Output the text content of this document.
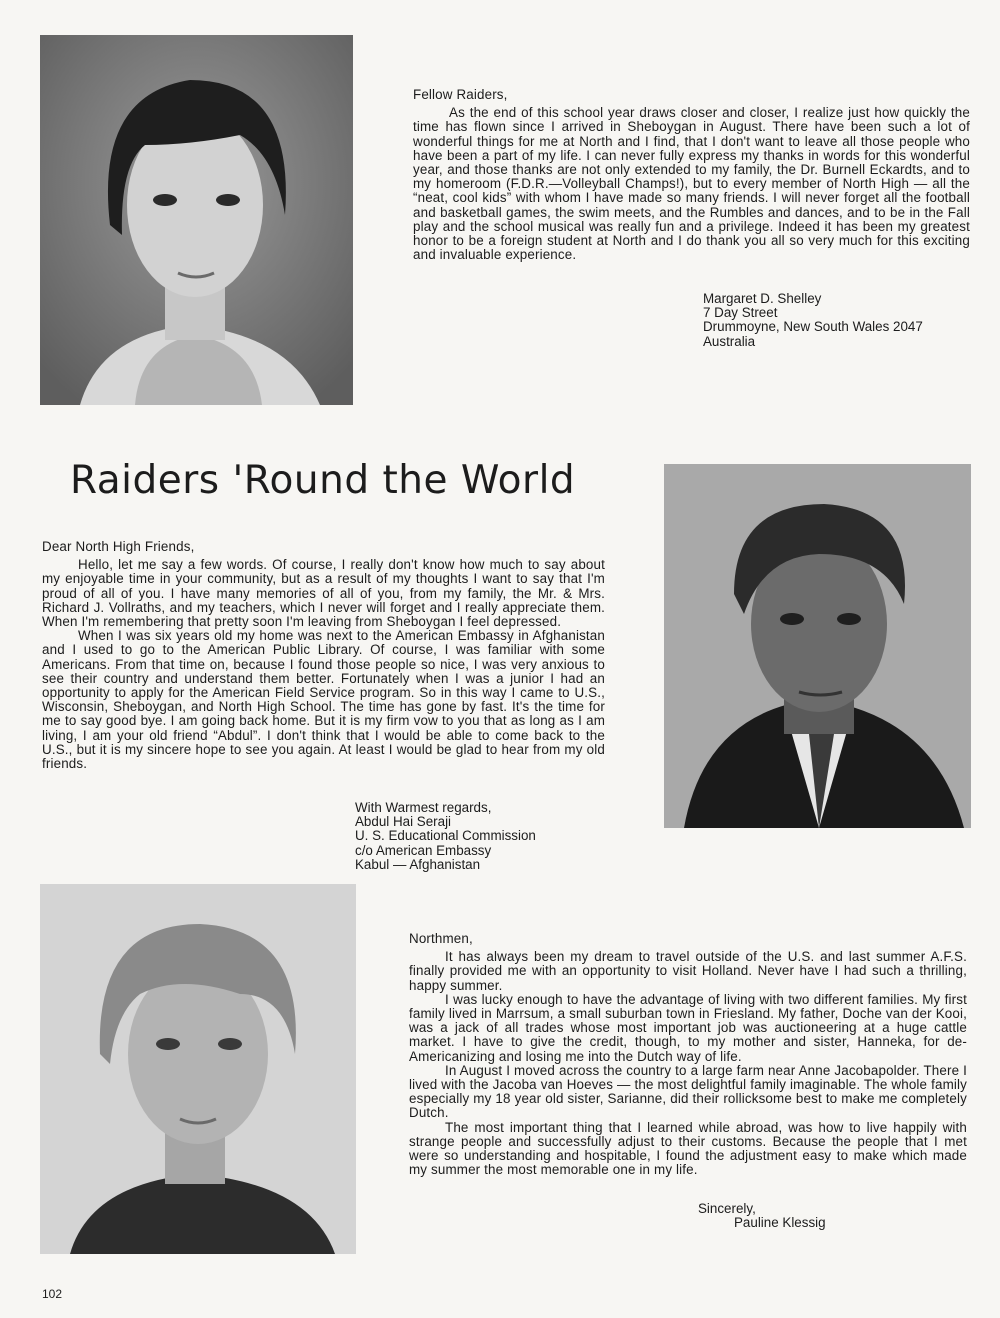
Fellow Raiders,

As the end of this school year draws closer and closer, I realize just how quickly the time has flown since I arrived in Sheboygan in August. There have been such a lot of wonderful things for me at North and I find, that I don't want to leave all those people who have been a part of my life. I can never fully express my thanks in words for this wonderful year, and those thanks are not only extended to my family, the Dr. Burnell Eckardts, and to my homeroom (F.D.R.—Volleyball Champs!), but to every member of North High — all the “neat, cool kids” with whom I have made so many friends. I will never forget all the football and basketball games, the swim meets, and the Rumbles and dances, and to be in the Fall play and the school musical was really fun and a privilege. Indeed it has been my greatest honor to be a foreign student at North and I do thank you all so very much for this exciting and invaluable experience.

Margaret D. Shelley
7 Day Street
Drummoyne, New South Wales 2047
Australia
Raiders 'Round the World

Dear North High Friends,

Hello, let me say a few words. Of course, I really don't know how much to say about my enjoyable time in your community, but as a result of my thoughts I want to say that I'm proud of all of you. I have many memories of all of you, from my family, the Mr. & Mrs. Richard J. Vollraths, and my teachers, which I never will forget and I really appreciate them. When I'm remembering that pretty soon I'm leaving from Sheboygan I feel depressed.

When I was six years old my home was next to the American Embassy in Afghanistan and I used to go to the American Public Library. Of course, I was familiar with some Americans. From that time on, because I found those people so nice, I was very anxious to see their country and understand them better. Fortunately when I was a junior I had an opportunity to apply for the American Field Service program. So in this way I came to U.S., Wisconsin, Sheboygan, and North High School. The time has gone by fast. It's the time for me to say good bye. I am going back home. But it is my firm vow to you that as long as I am living, I am your old friend “Abdul”. I don't think that I would be able to come back to the U.S., but it is my sincere hope to see you again. At least I would be glad to hear from my old friends.

With Warmest regards,
Abdul Hai Seraji
U. S. Educational Commission
c/o American Embassy
Kabul — Afghanistan

Northmen,

It has always been my dream to travel outside of the U.S. and last summer A.F.S. finally provided me with an opportunity to visit Holland. Never have I had such a thrilling, happy summer.

I was lucky enough to have the advantage of living with two different families. My first family lived in Marrsum, a small suburban town in Friesland. My father, Doche van der Kooi, was a jack of all trades whose most important job was auctioneering at a huge cattle market. I have to give the credit, though, to my mother and sister, Hanneka, for de-Americanizing and losing me into the Dutch way of life.

In August I moved across the country to a large farm near Anne Jacobapolder. There I lived with the Jacoba van Hoeves — the most delightful family imaginable. The whole family especially my 18 year old sister, Sarianne, did their rollicksome best to make me completely Dutch.

The most important thing that I learned while abroad, was how to live happily with strange people and successfully adjust to their customs. Because the people that I met were so understanding and hospitable, I found the adjustment easy to make which made my summer the most memorable one in my life.

Sincerely,
Pauline Klessig
102
